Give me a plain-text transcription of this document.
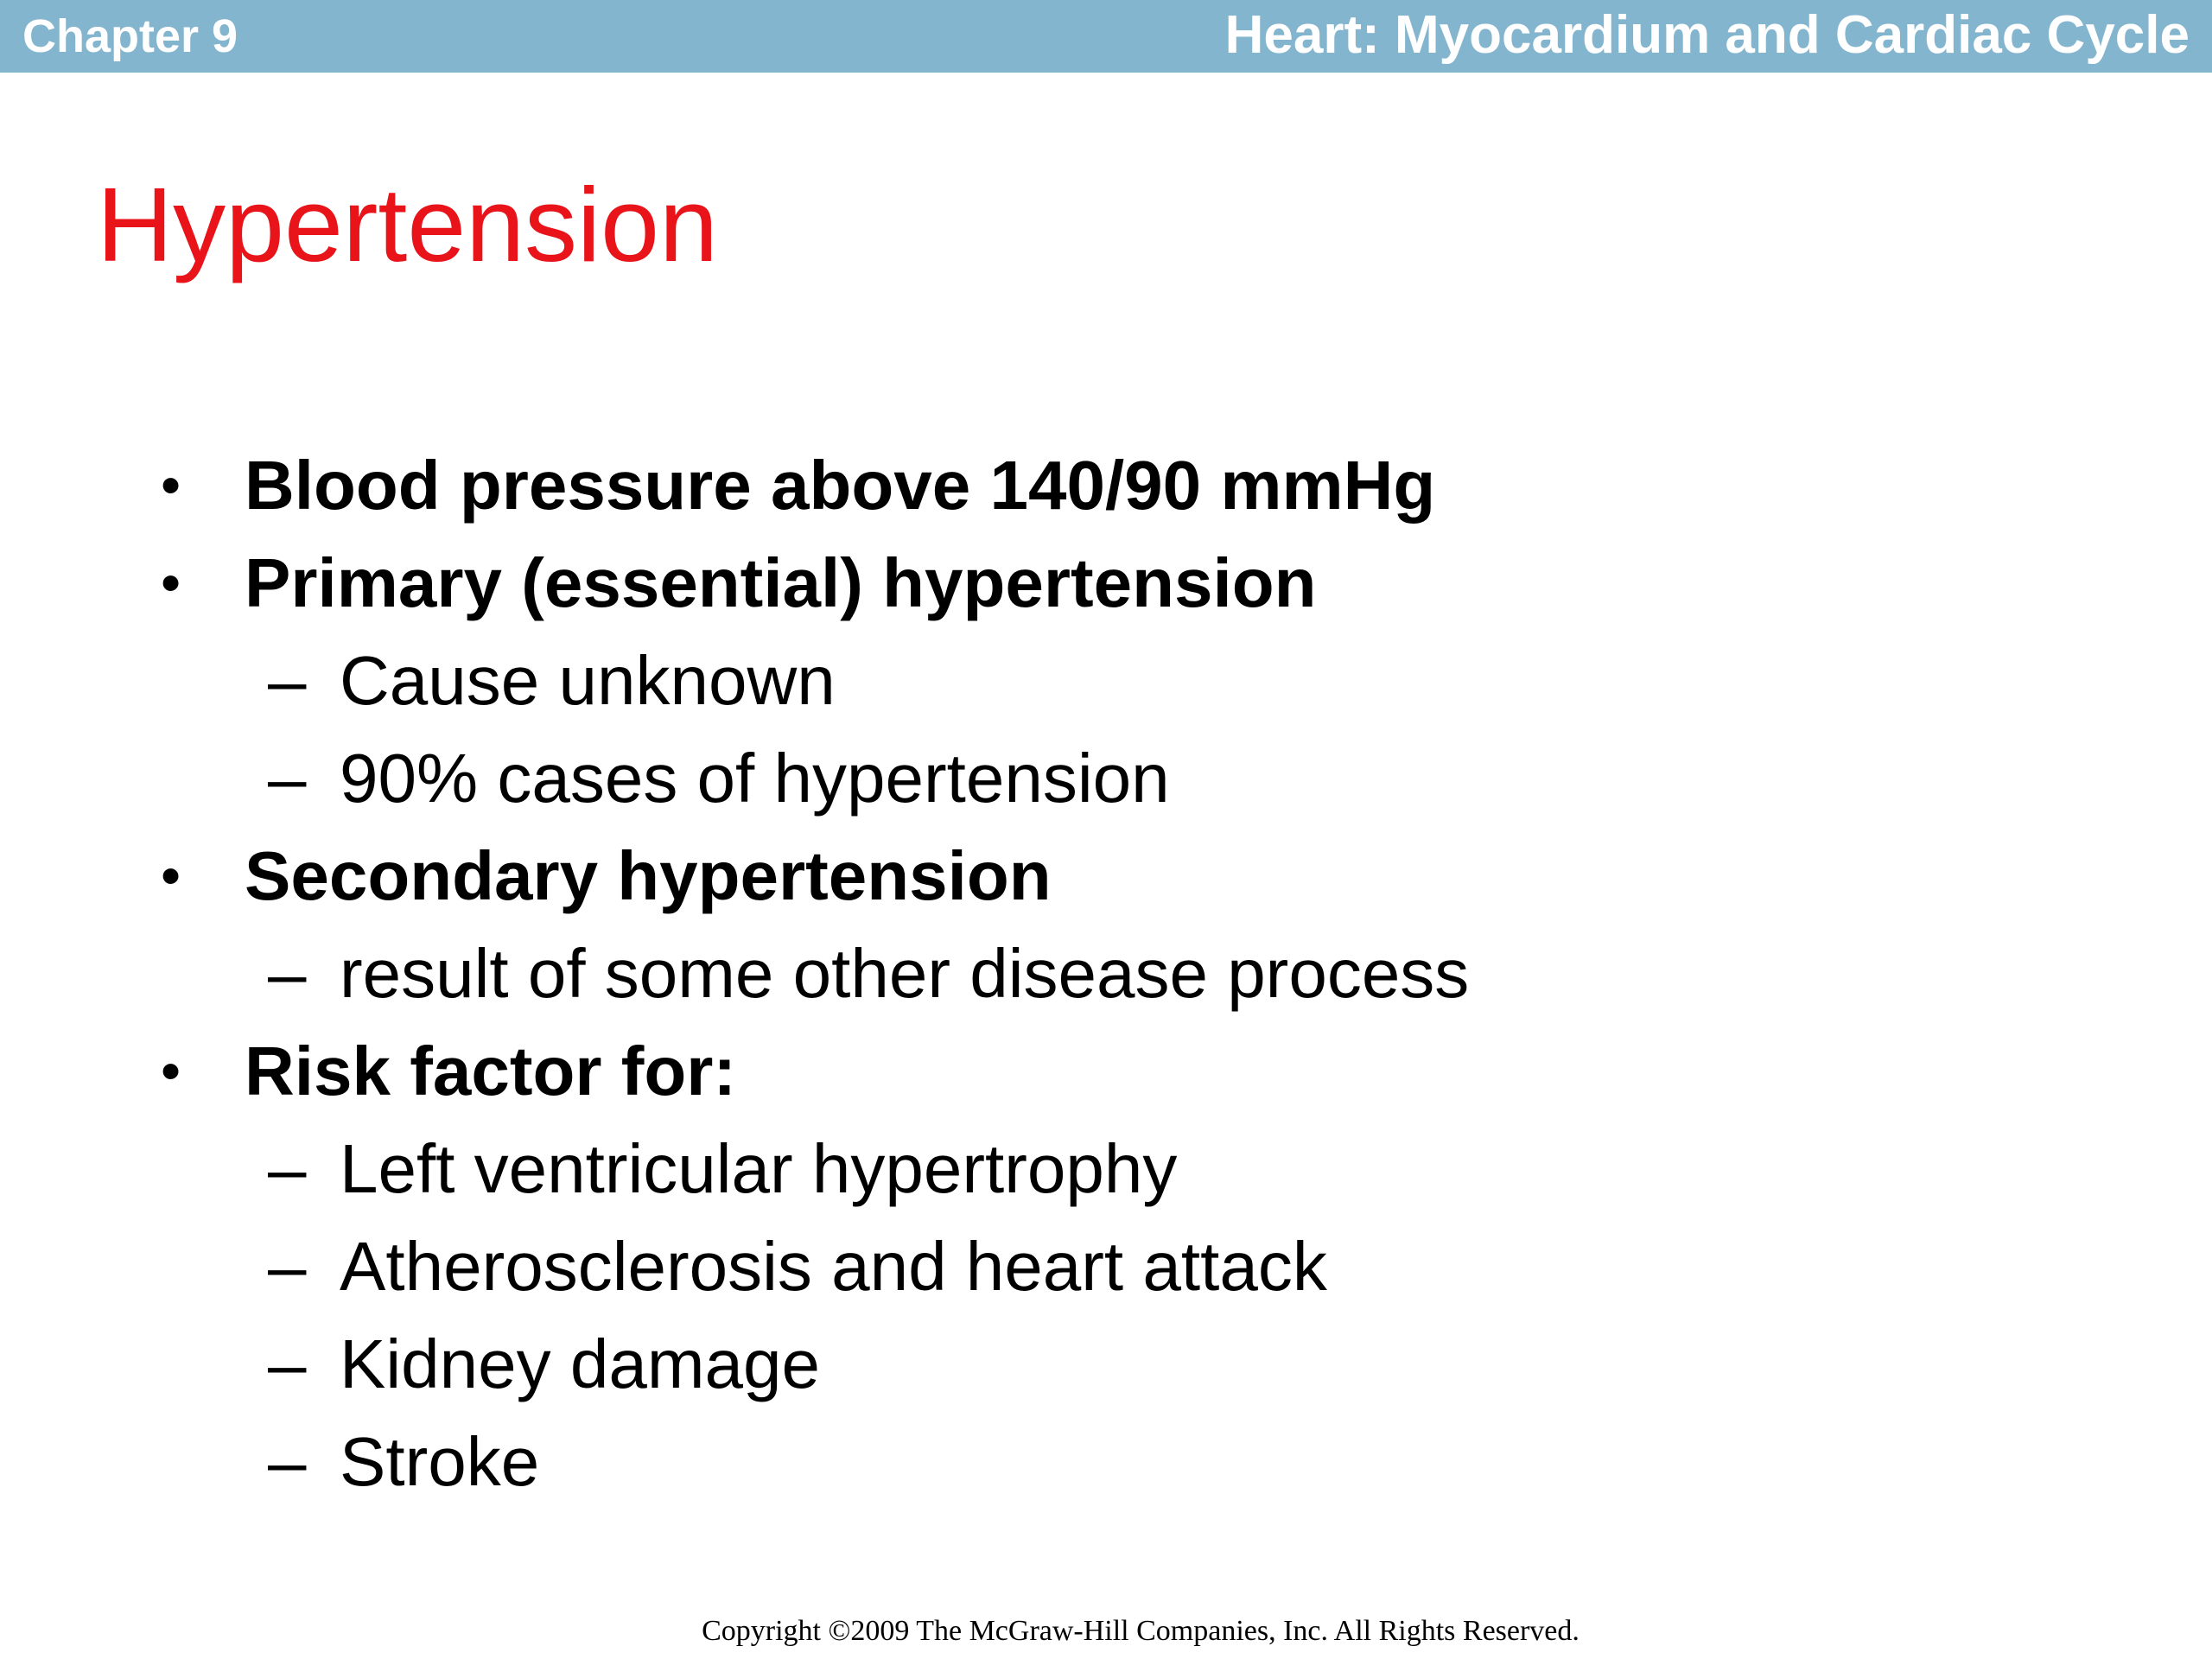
Chapter 9	Heart: Myocardium and Cardiac Cycle
Hypertension
• Blood pressure above 140/90 mmHg
• Primary (essential) hypertension
– Cause unknown
– 90% cases of hypertension
• Secondary hypertension
– result of some other disease process
• Risk factor for:
– Left ventricular hypertrophy
– Atherosclerosis and heart attack
– Kidney damage
– Stroke
Copyright ©2009 The McGraw-Hill Companies, Inc. All Rights Reserved.
